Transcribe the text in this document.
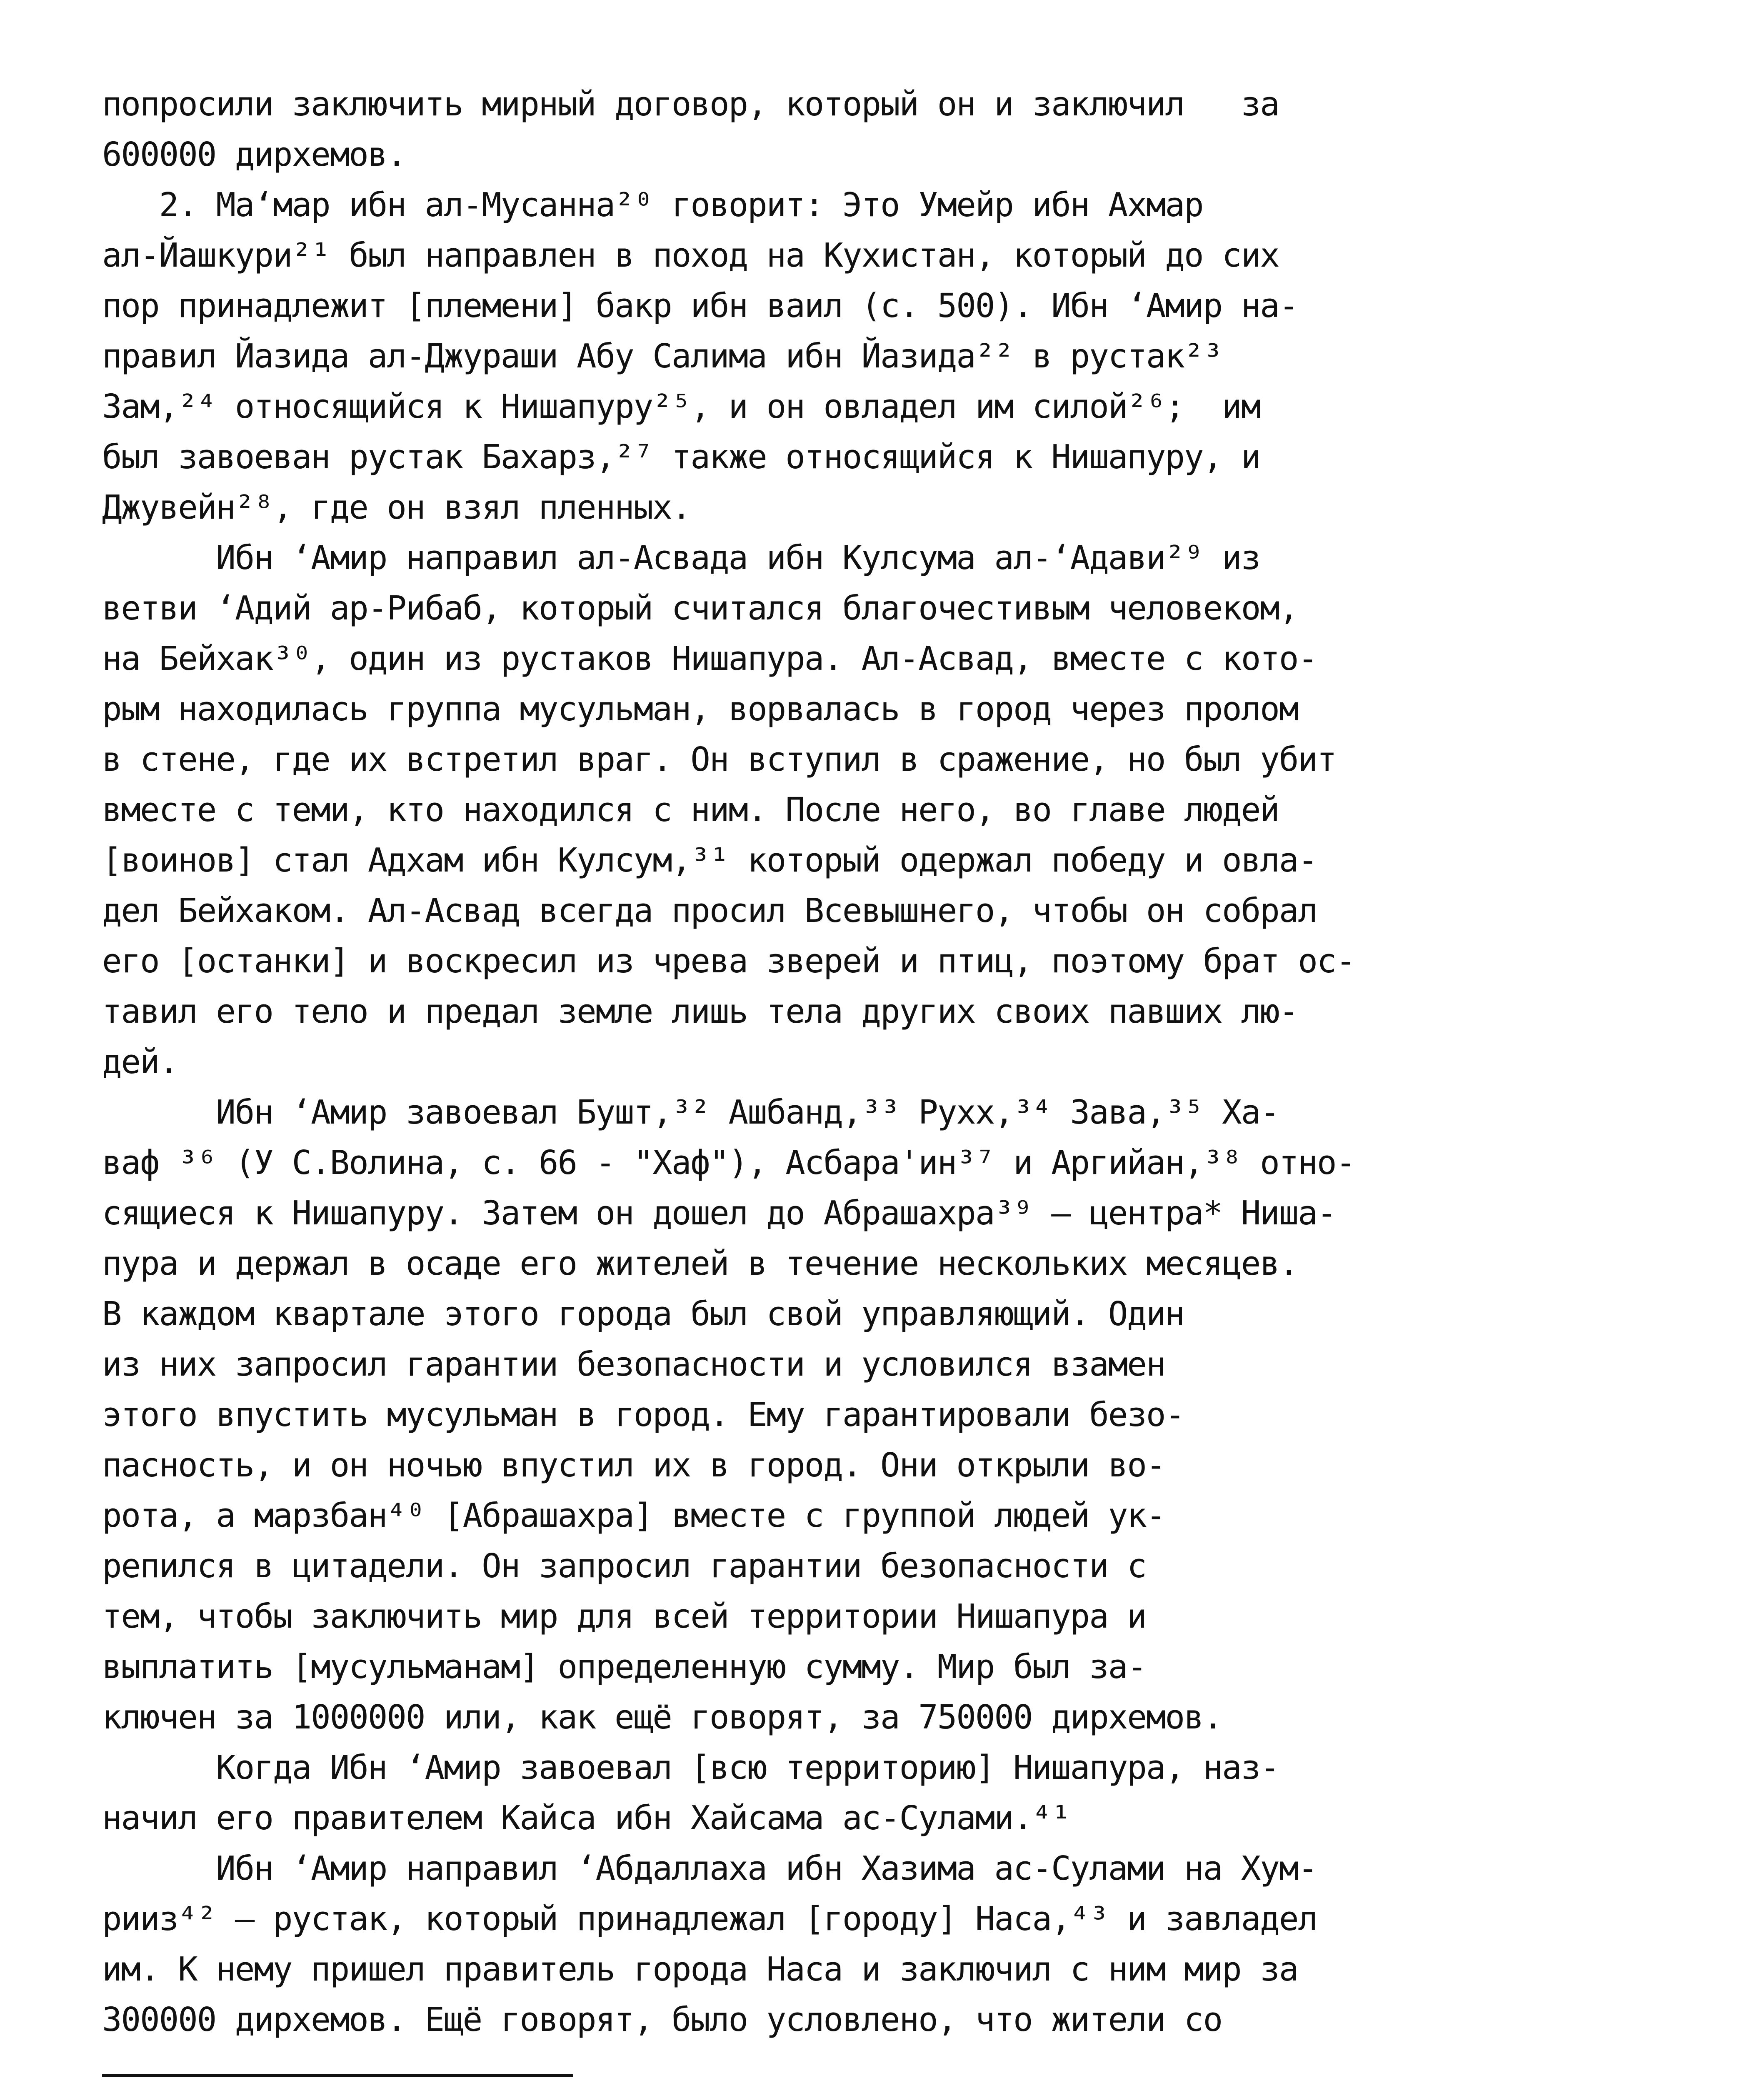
попросили заключить мирный договор, который он и заключил   за
600000 дирхемов.
2. Ма‘мар ибн ал-Мусанна²⁰ говорит: Это Умейр ибн Ахмар
ал-Йашкури²¹ был направлен в поход на Кухистан, который до сих
пор принадлежит [племени] бакр ибн ваил (с. 500). Ибн ‘Амир на-
правил Йазида ал-Джураши Абу Салима ибн Йазида²² в рустак²³
Зам,²⁴ относящийся к Нишапуру²⁵, и он овладел им силой²⁶;  им
был завоеван рустак Бахарз,²⁷ также относящийся к Нишапуру, и
Джувейн²⁸, где он взял пленных.
Ибн ‘Амир направил ал-Асвада ибн Кулсума ал-‘Адави²⁹ из
ветви ‘Адий ар-Рибаб, который считался благочестивым человеком,
на Бейхак³⁰, один из рустаков Нишапура. Ал-Асвад, вместе с кото-
рым находилась группа мусульман, ворвалась в город через пролом
в стене, где их встретил враг. Он вступил в сражение, но был убит
вместе с теми, кто находился с ним. После него, во главе людей
[воинов] стал Адхам ибн Кулсум,³¹ который одержал победу и овла-
дел Бейхаком. Ал-Асвад всегда просил Всевышнего, чтобы он собрал
его [останки] и воскресил из чрева зверей и птиц, поэтому брат ос-
тавил его тело и предал земле лишь тела других своих павших лю-
дей.
Ибн ‘Амир завоевал Бушт,³² Ашбанд,³³ Рухх,³⁴ Зава,³⁵ Ха-
ваф ³⁶ (У С.Волина, с. 66 - "Хаф"), Асбара'ин³⁷ и Аргийан,³⁸ отно-
сящиеся к Нишапуру. Затем он дошел до Абрашахра³⁹ — центра* Ниша-
пура и держал в осаде его жителей в течение нескольких месяцев.
В каждом квартале этого города был свой управляющий. Один
из них запросил гарантии безопасности и условился взамен
этого впустить мусульман в город. Ему гарантировали безо-
пасность, и он ночью впустил их в город. Они открыли во-
рота, а марзбан⁴⁰ [Абрашахра] вместе с группой людей ук-
репился в цитадели. Он запросил гарантии безопасности с
тем, чтобы заключить мир для всей территории Нишапура и
выплатить [мусульманам] определенную сумму. Мир был за-
ключен за 1000000 или, как ещё говорят, за 750000 дирхемов.
Когда Ибн ‘Амир завоевал [всю территорию] Нишапура, наз-
начил его правителем Кайса ибн Хайсама ас-Сулами.⁴¹
Ибн ‘Амир направил ‘Абдаллаха ибн Хазима ас-Сулами на Хум-
рииз⁴² — рустак, который принадлежал [городу] Наса,⁴³ и завладел
им. К нему пришел правитель города Наса и заключил с ним мир за
300000 дирхемов. Ещё говорят, было условлено, что жители со
